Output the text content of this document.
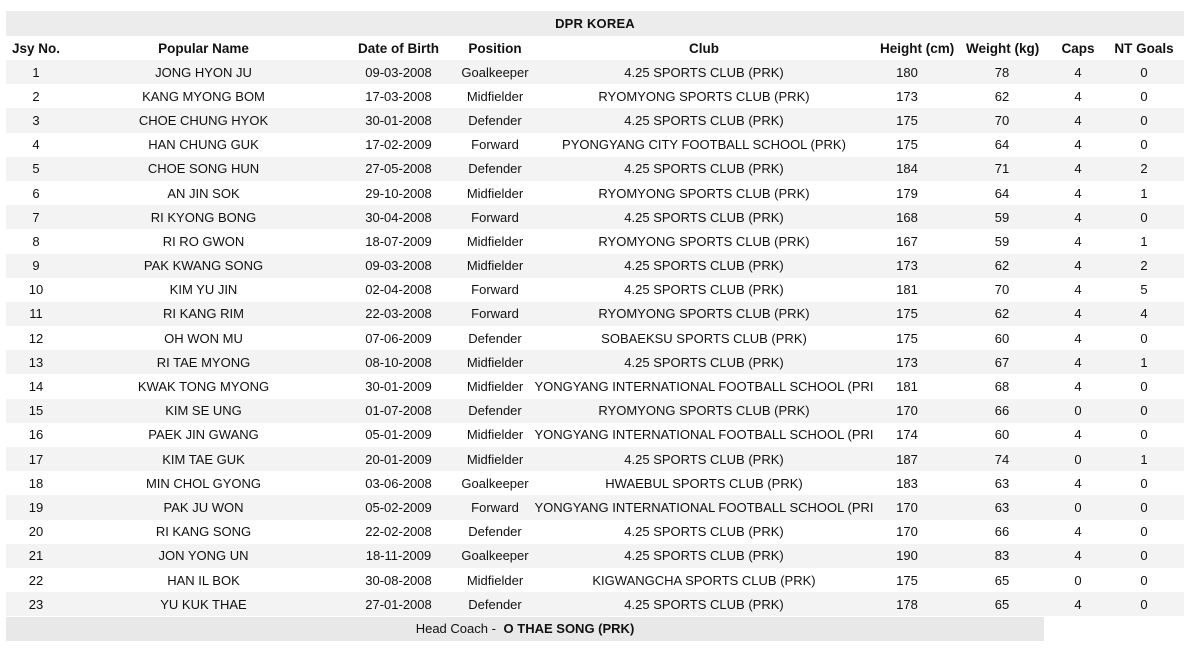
DPR KOREA
Jsy No.	Popular Name	Date of Birth	Position	Club	Height (cm)	Weight (kg)	Caps	NT Goals
1	JONG HYON JU	09-03-2008	Goalkeeper	4.25 SPORTS CLUB (PRK)	180	78	4	0
2	KANG MYONG BOM	17-03-2008	Midfielder	RYOMYONG SPORTS CLUB (PRK)	173	62	4	0
3	CHOE CHUNG HYOK	30-01-2008	Defender	4.25 SPORTS CLUB (PRK)	175	70	4	0
4	HAN CHUNG GUK	17-02-2009	Forward	PYONGYANG CITY FOOTBALL SCHOOL (PRK)	175	64	4	0
5	CHOE SONG HUN	27-05-2008	Defender	4.25 SPORTS CLUB (PRK)	184	71	4	2
6	AN JIN SOK	29-10-2008	Midfielder	RYOMYONG SPORTS CLUB (PRK)	179	64	4	1
7	RI KYONG BONG	30-04-2008	Forward	4.25 SPORTS CLUB (PRK)	168	59	4	0
8	RI RO GWON	18-07-2009	Midfielder	RYOMYONG SPORTS CLUB (PRK)	167	59	4	1
9	PAK KWANG SONG	09-03-2008	Midfielder	4.25 SPORTS CLUB (PRK)	173	62	4	2
10	KIM YU JIN	02-04-2008	Forward	4.25 SPORTS CLUB (PRK)	181	70	4	5
11	RI KANG RIM	22-03-2008	Forward	RYOMYONG SPORTS CLUB (PRK)	175	62	4	4
12	OH WON MU	07-06-2009	Defender	SOBAEKSU SPORTS CLUB (PRK)	175	60	4	0
13	RI TAE MYONG	08-10-2008	Midfielder	4.25 SPORTS CLUB (PRK)	173	67	4	1
14	KWAK TONG MYONG	30-01-2009	Midfielder	YONGYANG INTERNATIONAL FOOTBALL SCHOOL (PRI	181	68	4	0
15	KIM SE UNG	01-07-2008	Defender	RYOMYONG SPORTS CLUB (PRK)	170	66	0	0
16	PAEK JIN GWANG	05-01-2009	Midfielder	YONGYANG INTERNATIONAL FOOTBALL SCHOOL (PRI	174	60	4	0
17	KIM TAE GUK	20-01-2009	Midfielder	4.25 SPORTS CLUB (PRK)	187	74	0	1
18	MIN CHOL GYONG	03-06-2008	Goalkeeper	HWAEBUL SPORTS CLUB (PRK)	183	63	4	0
19	PAK JU WON	05-02-2009	Forward	YONGYANG INTERNATIONAL FOOTBALL SCHOOL (PRI	170	63	0	0
20	RI KANG SONG	22-02-2008	Defender	4.25 SPORTS CLUB (PRK)	170	66	4	0
21	JON YONG UN	18-11-2009	Goalkeeper	4.25 SPORTS CLUB (PRK)	190	83	4	0
22	HAN IL BOK	30-08-2008	Midfielder	KIGWANGCHA SPORTS CLUB (PRK)	175	65	0	0
23	YU KUK THAE	27-01-2008	Defender	4.25 SPORTS CLUB (PRK)	178	65	4	0
Head Coach - O THAE SONG (PRK)
